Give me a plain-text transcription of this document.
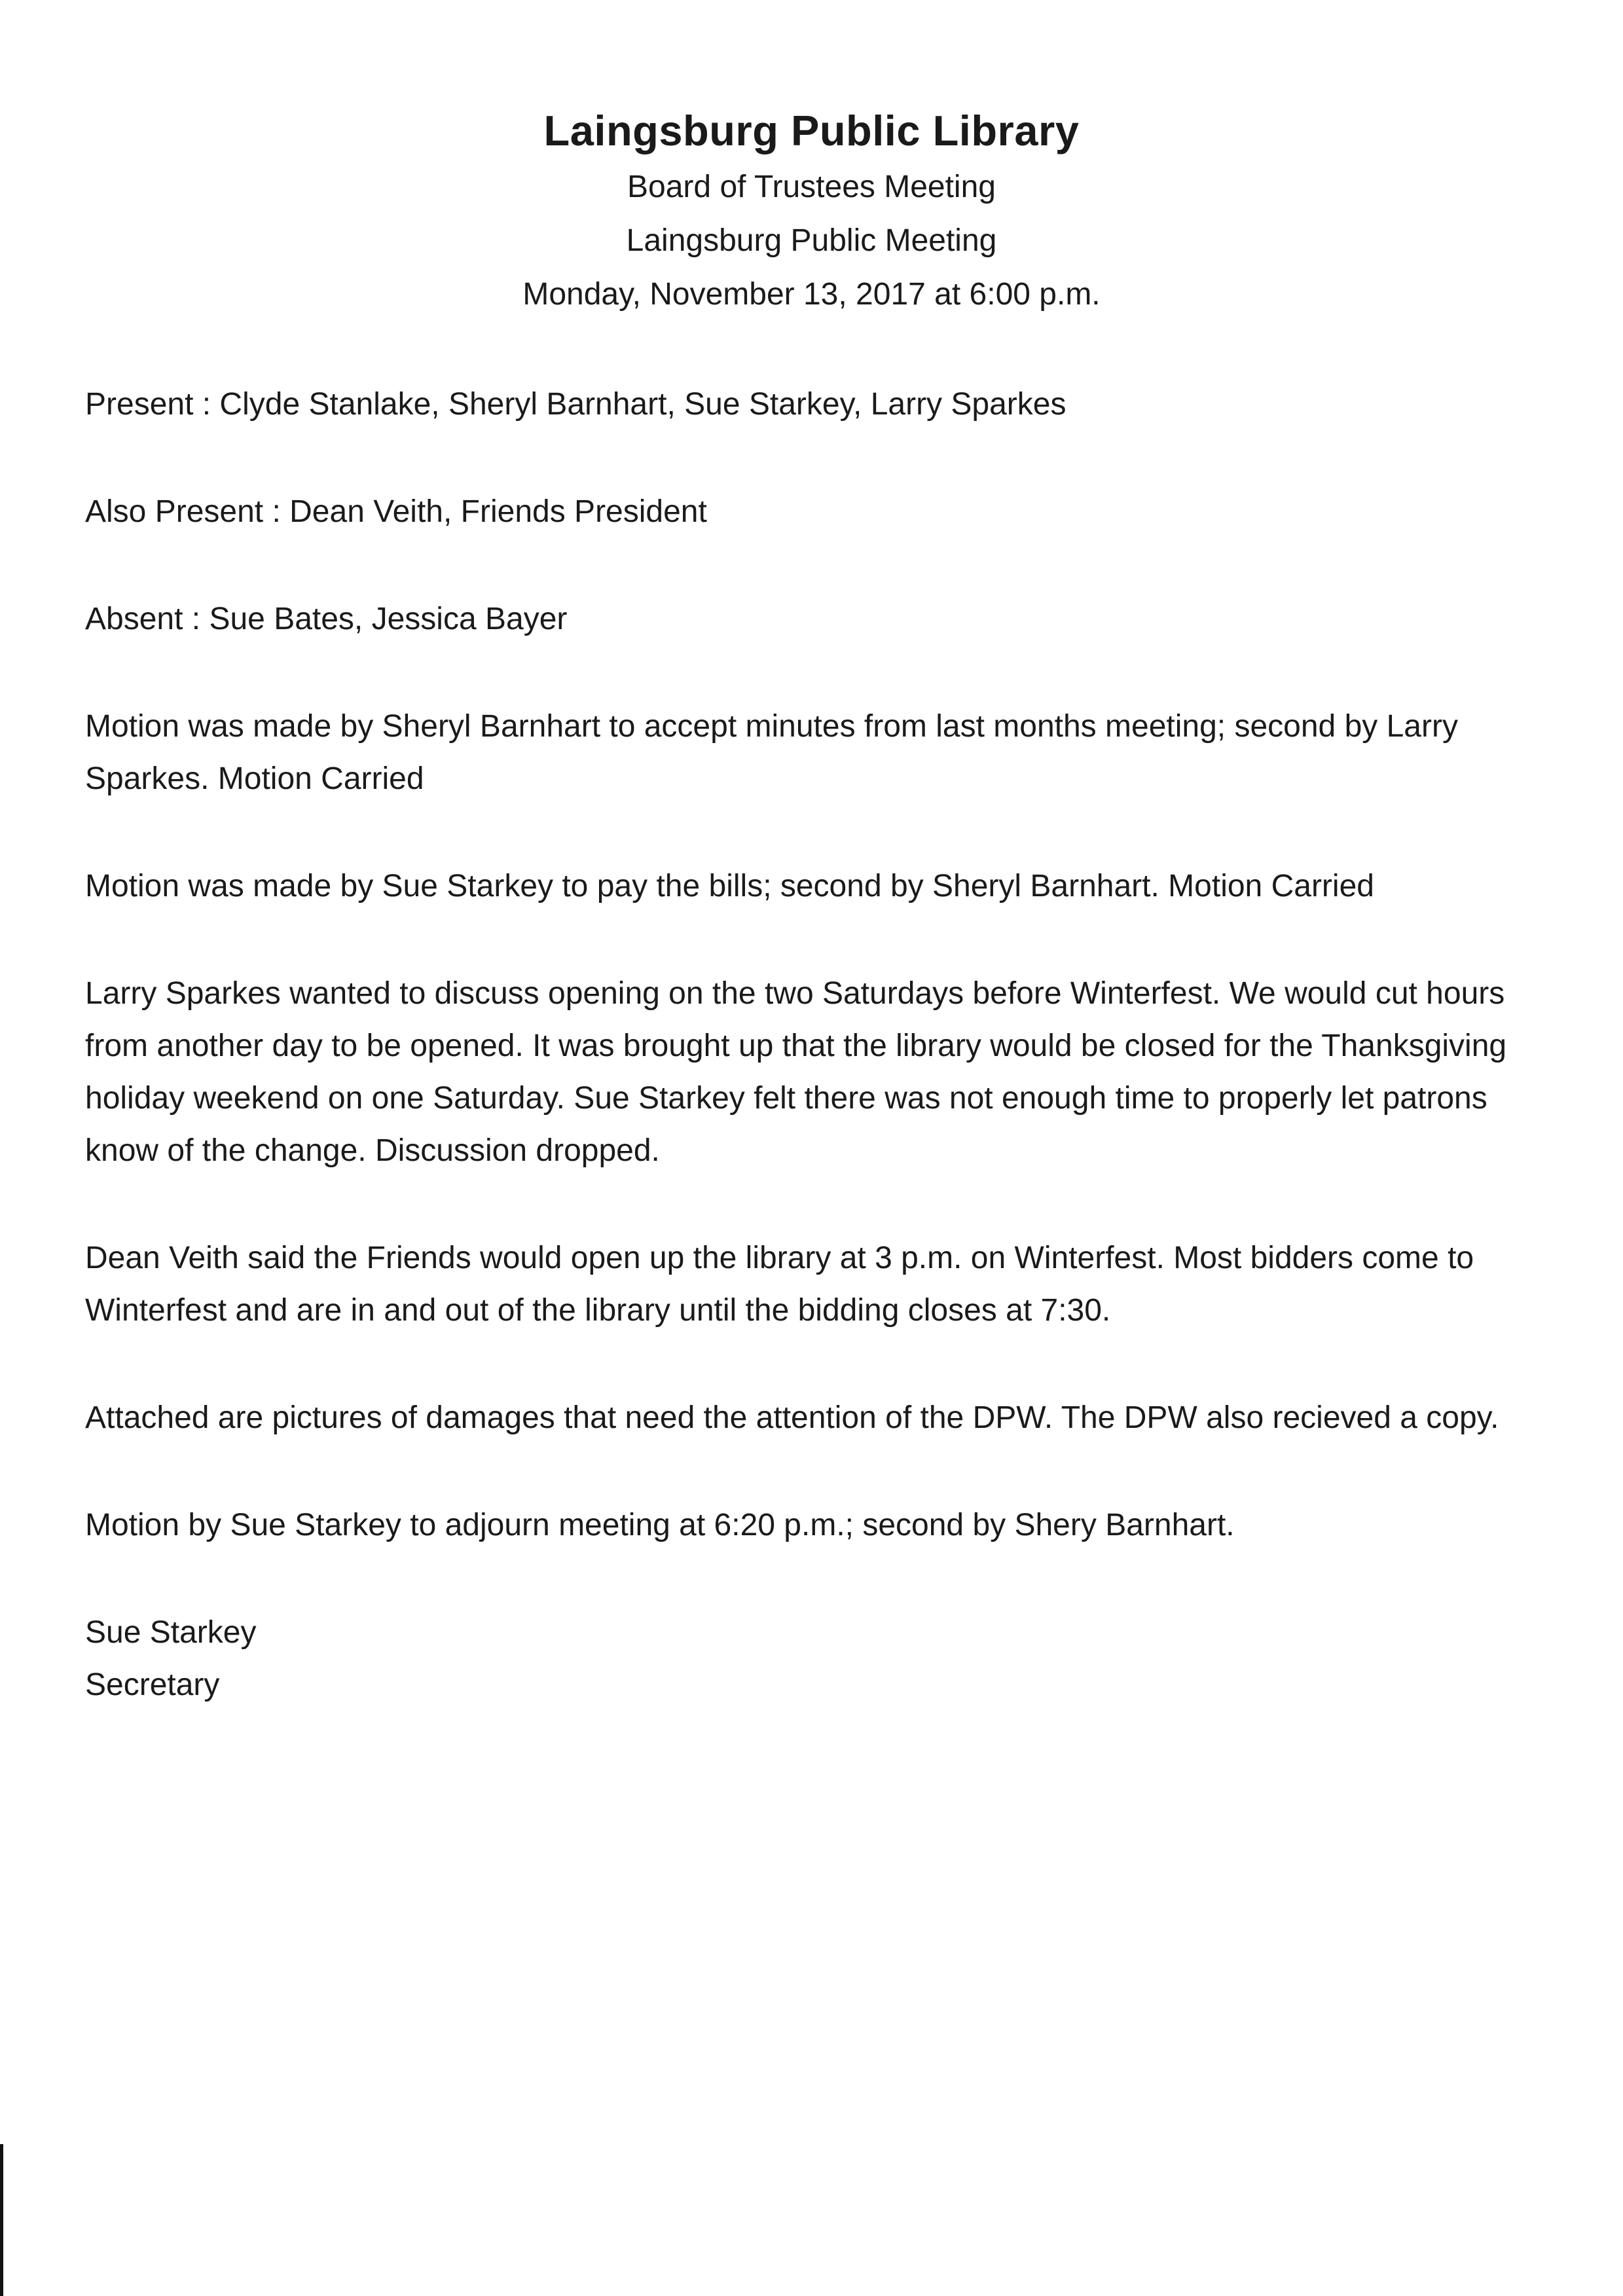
Laingsburg Public Library

Board of Trustees Meeting

Laingsburg Public Meeting

Monday, November 13, 2017 at 6:00 p.m.

Present : Clyde Stanlake, Sheryl Barnhart, Sue Starkey, Larry Sparkes

Also Present : Dean Veith, Friends President

Absent : Sue Bates, Jessica Bayer

Motion was made by Sheryl Barnhart to accept minutes from last months meeting; second by Larry Sparkes. Motion Carried

Motion was made by Sue Starkey to pay the bills; second by Sheryl Barnhart. Motion Carried

Larry Sparkes wanted to discuss opening on the two Saturdays before Winterfest. We would cut hours from another day to be opened. It was brought up that the library would be closed for the Thanksgiving holiday weekend on one Saturday. Sue Starkey felt there was not enough time to properly let patrons know of the change. Discussion dropped.

Dean Veith said the Friends would open up the library at 3 p.m. on Winterfest. Most bidders come to Winterfest and are in and out of the library until the bidding closes at 7:30.

Attached are pictures of damages that need the attention of the DPW. The DPW also recieved a copy.

Motion by Sue Starkey to adjourn meeting at 6:20 p.m.; second by Shery Barnhart.

Sue Starkey

Secretary
